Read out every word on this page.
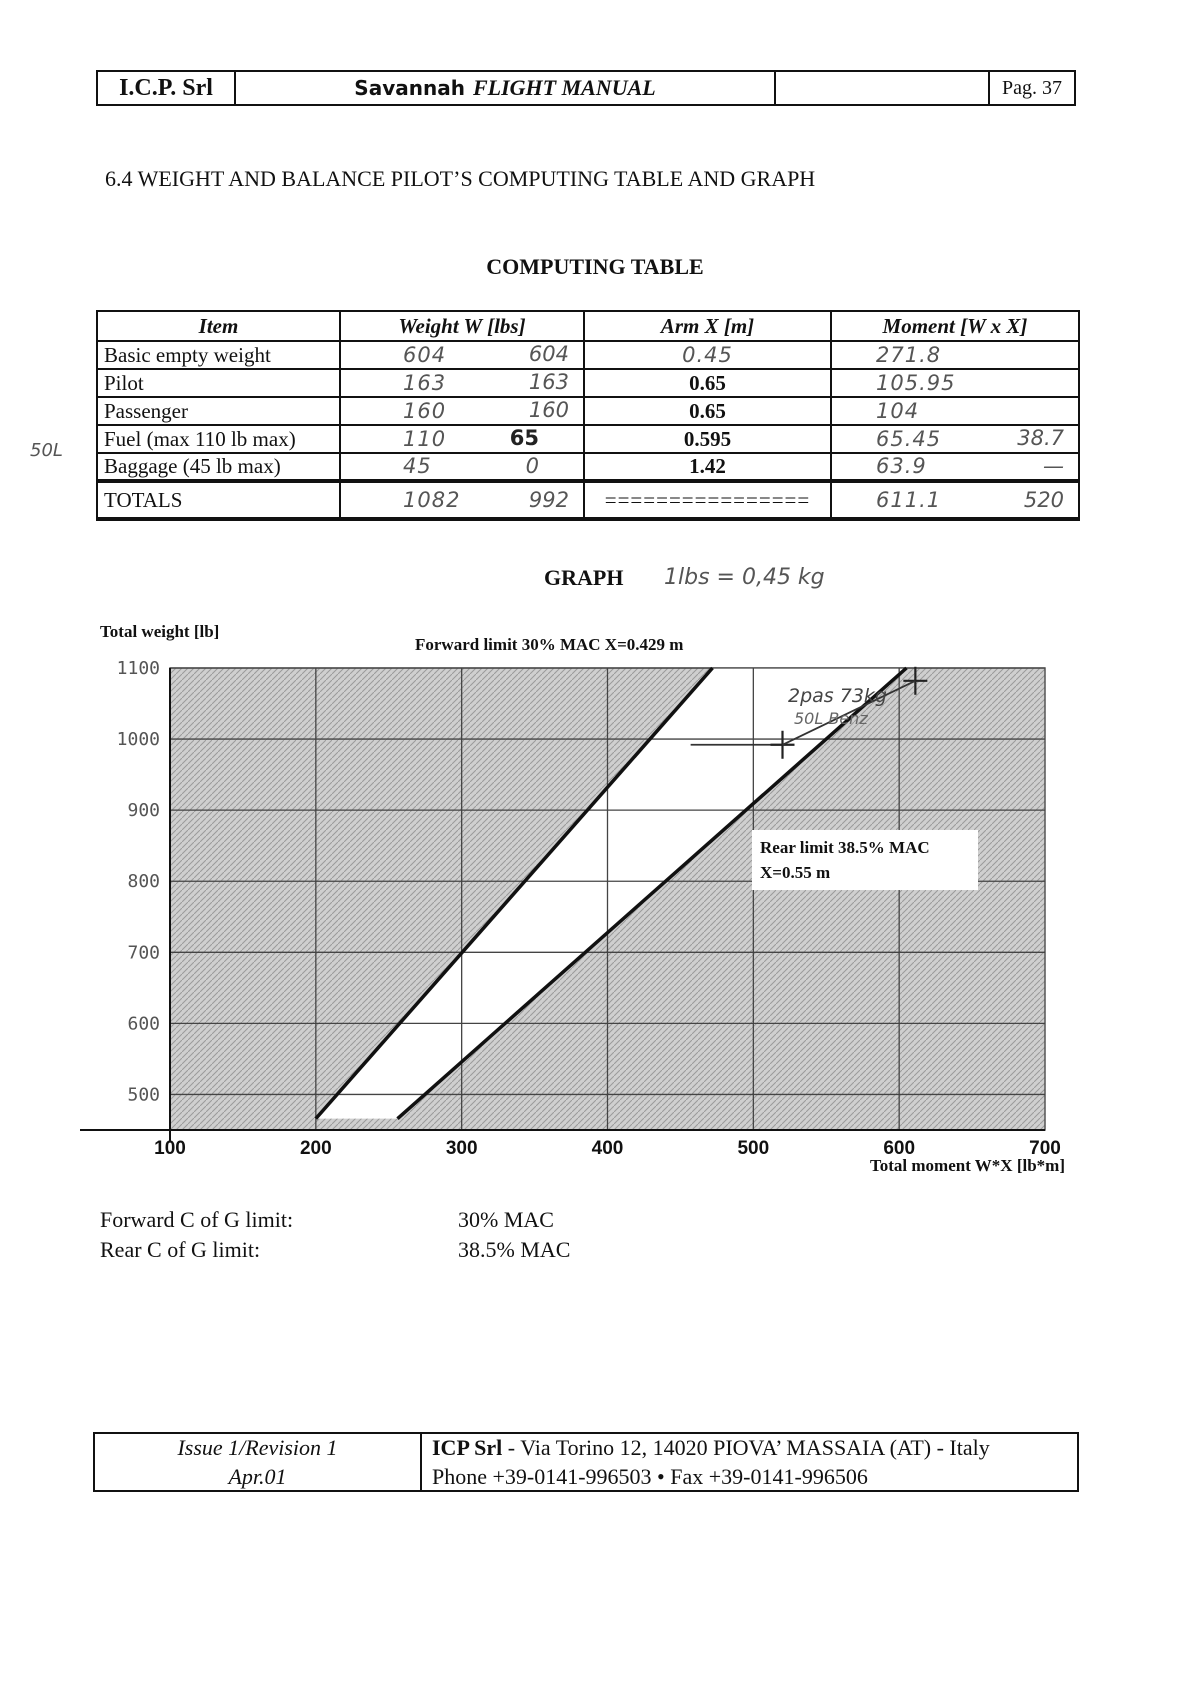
I.C.P. Srl	Savannah FLIGHT MANUAL	Pag. 37
6.4 WEIGHT AND BALANCE PILOT’S COMPUTING TABLE AND GRAPH
COMPUTING TABLE
50L
Item	Weight W [lbs]	Arm X [m]	Moment [W x X]
Basic empty weight	604 604	0.45	271.8

Pilot	163 163	0.65	105.95

Passenger	160 160	0.65	104

Fuel (max 110 lb max)	110 65	0.595	65.45 38.7

Baggage (45 lb max)	45 0	1.42	63.9 —

TOTALS	1082 992	================	611.1 520
GRAPH 1lbs = 0,45 kg
Total weight [lb]
500
600
700
800
900
1000
1100
100	200	300	400	500	600	700
Forward limit 30% MAC X=0.429 m
Rear limit 38.5% MAC
X=0.55 m
Total moment W*X [lb*m]
2pas 73kg
50L Benz
Forward C of G limit:	30% MAC
Rear C of G limit:	38.5% MAC
Issue 1/Revision 1
Apr.01
ICP Srl - Via Torino 12, 14020 PIOVA’ MASSAIA (AT) - Italy
Phone +39-0141-996503 • Fax +39-0141-996506
